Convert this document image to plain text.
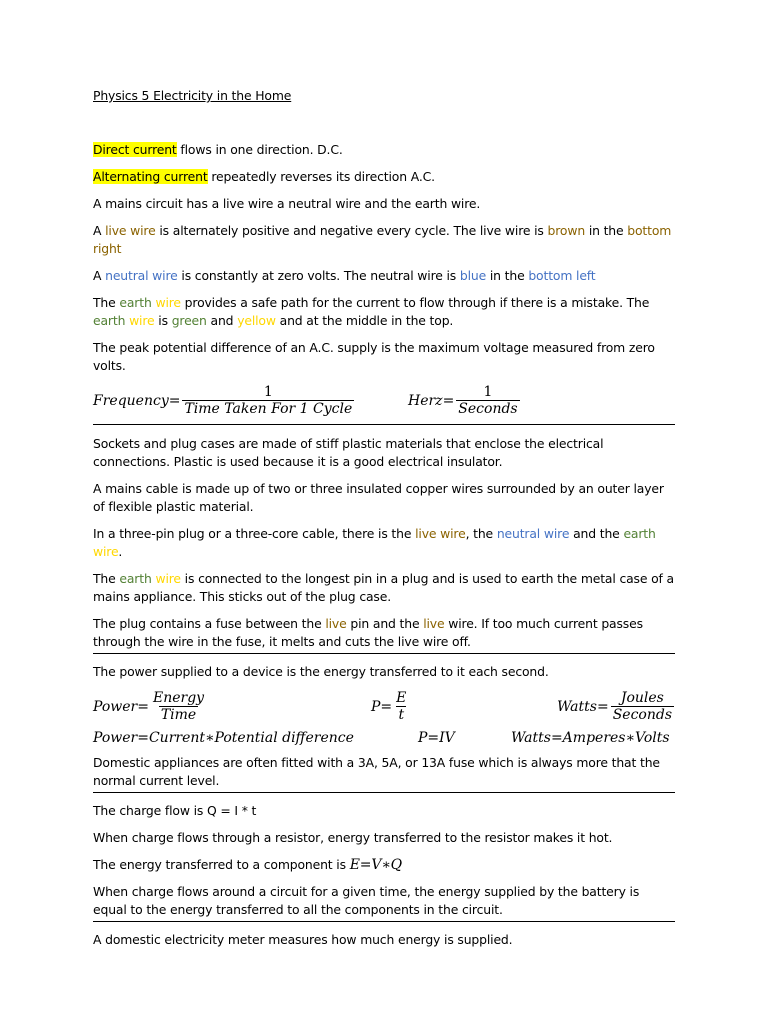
Physics 5 Electricity in the Home

Direct current flows in one direction. D.C.

Alternating current repeatedly reverses its direction A.C.

A mains circuit has a live wire a neutral wire and the earth wire.

A live wire is alternately positive and negative every cycle. The live wire is brown in the bottom right

A neutral wire is constantly at zero volts. The neutral wire is blue in the bottom left

The earth wire provides a safe path for the current to flow through if there is a mistake. The earth wire is green and yellow and at the middle in the top.

The peak potential difference of an A.C. supply is the maximum voltage measured from zero volts.

Frequency = $\frac{1}{\text{Time Taken For 1 Cycle}}$	Herz = $\frac{1}{\text{Seconds}}$

Sockets and plug cases are made of stiff plastic materials that enclose the electrical connections. Plastic is used because it is a good electrical insulator.

A mains cable is made up of two or three insulated copper wires surrounded by an outer layer of flexible plastic material.

In a three-pin plug or a three-core cable, there is the live wire, the neutral wire and the earth wire.

The earth wire is connected to the longest pin in a plug and is used to earth the metal case of a mains appliance. This sticks out of the plug case.

The plug contains a fuse between the live pin and the live wire. If too much current passes through the wire in the fuse, it melts and cuts the live wire off.

The power supplied to a device is the energy transferred to it each second.

Power = $\frac{\text{Energy}}{\text{Time}}$	$P = \frac{E}{t}$	Watts = $\frac{\text{Joules}}{\text{Seconds}}$
Power=Current∗Potential difference	P=IV	Watts=Amperes∗Volts

Domestic appliances are often fitted with a 3A, 5A, or 13A fuse which is always more that the normal current level.

The charge flow is Q = I * t

When charge flows through a resistor, energy transferred to the resistor makes it hot.

The energy transferred to a component is E=V∗Q

When charge flows around a circuit for a given time, the energy supplied by the battery is equal to the energy transferred to all the components in the circuit.

A domestic electricity meter measures how much energy is supplied.
